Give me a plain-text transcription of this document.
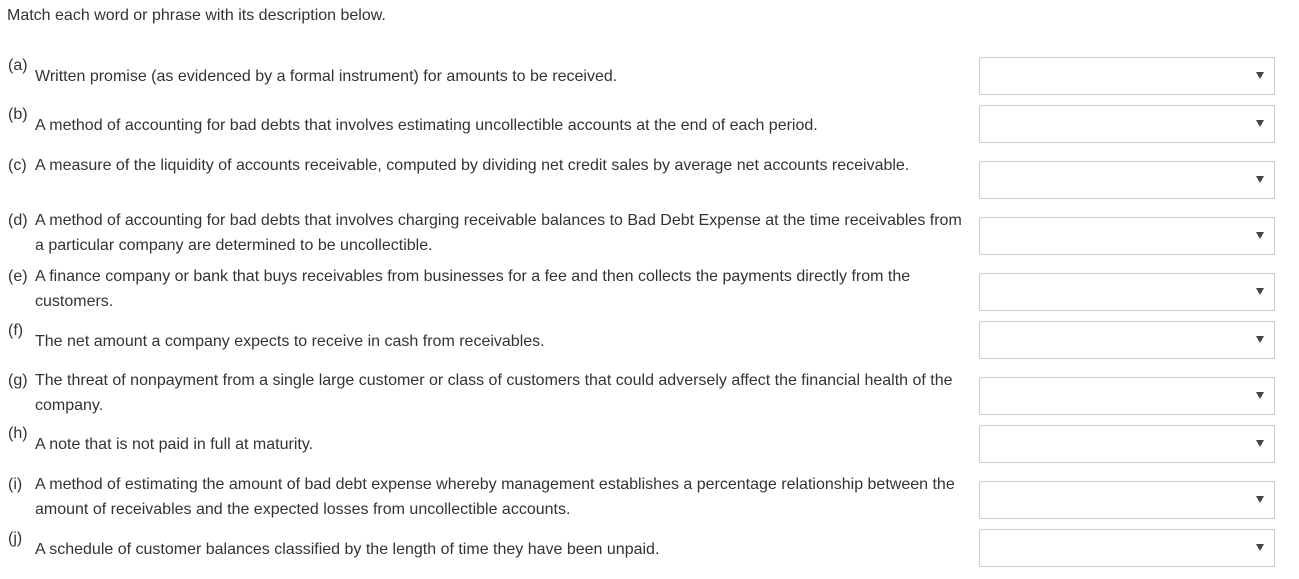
Match each word or phrase with its description below.
(a)
Written promise (as evidenced by a formal instrument) for amounts to be received.
(b)
A method of accounting for bad debts that involves estimating uncollectible accounts at the end of each period.
(c) A measure of the liquidity of accounts receivable, computed by dividing net credit sales by average net accounts receivable.
(d) A method of accounting for bad debts that involves charging receivable balances to Bad Debt Expense at the time receivables from a particular company are determined to be uncollectible.
(e) A finance company or bank that buys receivables from businesses for a fee and then collects the payments directly from the customers.
(f)
The net amount a company expects to receive in cash from receivables.
(g) The threat of nonpayment from a single large customer or class of customers that could adversely affect the financial health of the company.
(h)
A note that is not paid in full at maturity.
(i) A method of estimating the amount of bad debt expense whereby management establishes a percentage relationship between the amount of receivables and the expected losses from uncollectible accounts.
(j)
A schedule of customer balances classified by the length of time they have been unpaid.
